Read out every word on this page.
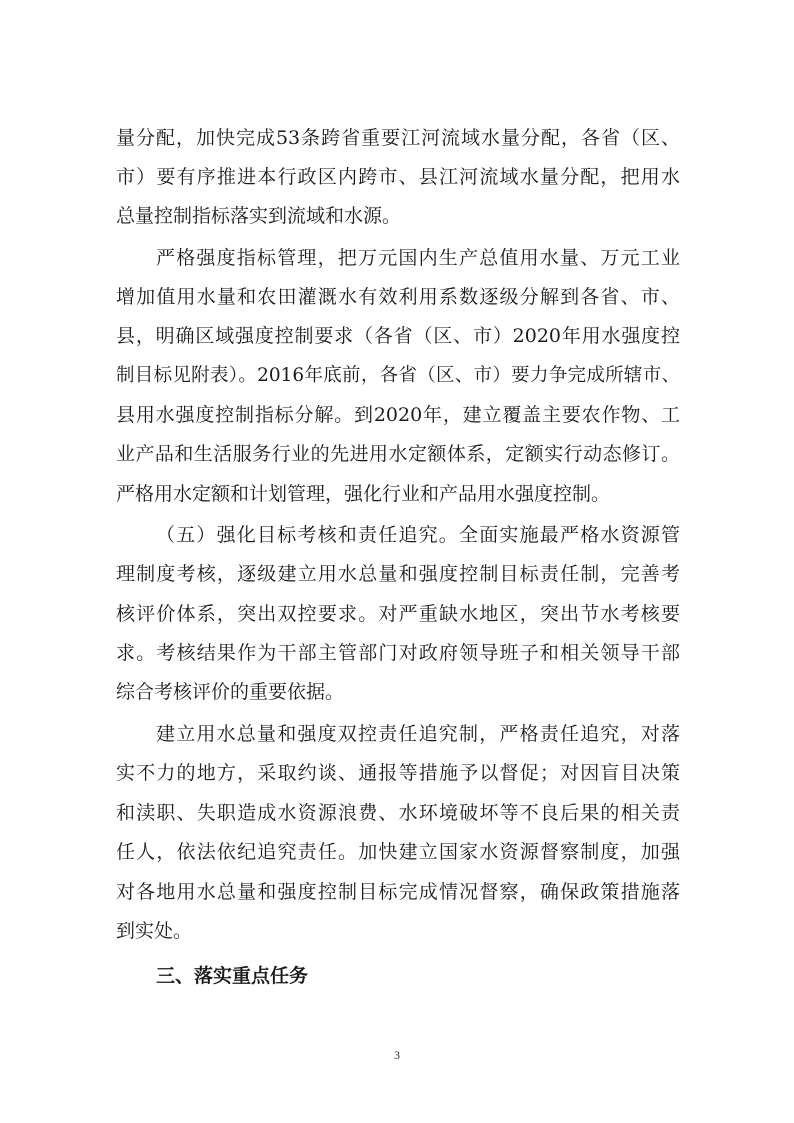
量分配，加快完成53条跨省重要江河流域水量分配，各省（区、
市）要有序推进本行政区内跨市、县江河流域水量分配，把用水
总量控制指标落实到流域和水源。
严格强度指标管理，把万元国内生产总值用水量、万元工业
增加值用水量和农田灌溉水有效利用系数逐级分解到各省、市、
县，明确区域强度控制要求（各省（区、市）2020年用水强度控
制目标见附表）。2016年底前，各省（区、市）要力争完成所辖市、
县用水强度控制指标分解。到2020年，建立覆盖主要农作物、工
业产品和生活服务行业的先进用水定额体系，定额实行动态修订。
严格用水定额和计划管理，强化行业和产品用水强度控制。
（五）强化目标考核和责任追究。全面实施最严格水资源管
理制度考核，逐级建立用水总量和强度控制目标责任制，完善考
核评价体系，突出双控要求。对严重缺水地区，突出节水考核要
求。考核结果作为干部主管部门对政府领导班子和相关领导干部
综合考核评价的重要依据。
建立用水总量和强度双控责任追究制，严格责任追究，对落
实不力的地方，采取约谈、通报等措施予以督促；对因盲目决策
和渎职、失职造成水资源浪费、水环境破坏等不良后果的相关责
任人，依法依纪追究责任。加快建立国家水资源督察制度，加强
对各地用水总量和强度控制目标完成情况督察，确保政策措施落
到实处。
三、落实重点任务
3
